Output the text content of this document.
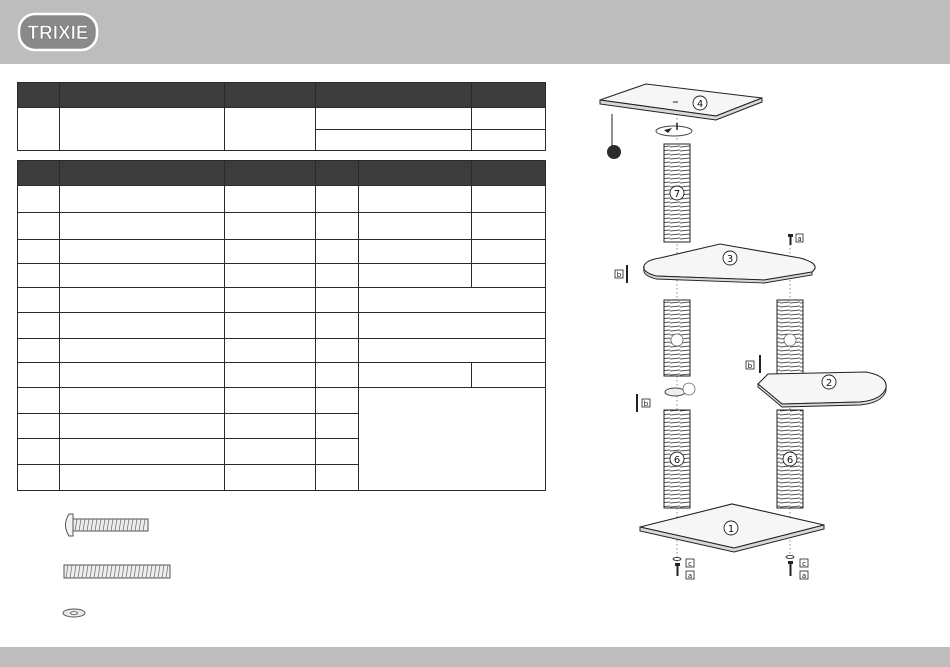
TRIXIE

4
7
a
3
b
b
2
b
6	6
1
c
a
c
a
